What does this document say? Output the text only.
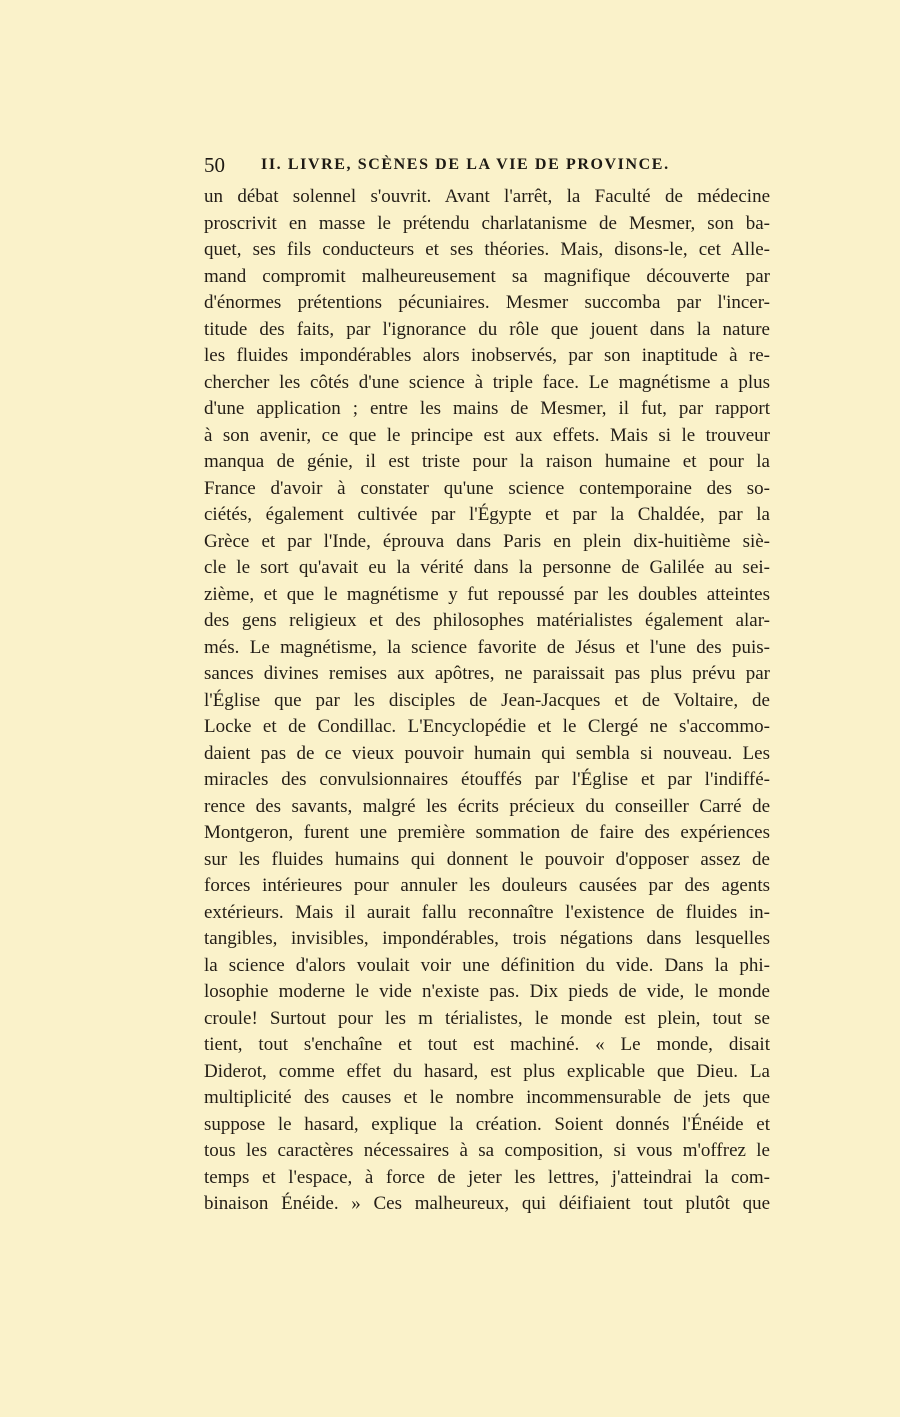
50 II. LIVRE, SCÈNES DE LA VIE DE PROVINCE.
un débat solennel s'ouvrit. Avant l'arrêt, la Faculté de médecine
proscrivit en masse le prétendu charlatanisme de Mesmer, son ba-
quet, ses fils conducteurs et ses théories. Mais, disons-le, cet Alle-
mand compromit malheureusement sa magnifique découverte par
d'énormes prétentions pécuniaires. Mesmer succomba par l'incer-
titude des faits, par l'ignorance du rôle que jouent dans la nature
les fluides impondérables alors inobservés, par son inaptitude à re-
chercher les côtés d'une science à triple face. Le magnétisme a plus
d'une application ; entre les mains de Mesmer, il fut, par rapport
à son avenir, ce que le principe est aux effets. Mais si le trouveur
manqua de génie, il est triste pour la raison humaine et pour la
France d'avoir à constater qu'une science contemporaine des so-
ciétés, également cultivée par l'Égypte et par la Chaldée, par la
Grèce et par l'Inde, éprouva dans Paris en plein dix-huitième siè-
cle le sort qu'avait eu la vérité dans la personne de Galilée au sei-
zième, et que le magnétisme y fut repoussé par les doubles atteintes
des gens religieux et des philosophes matérialistes également alar-
més. Le magnétisme, la science favorite de Jésus et l'une des puis-
sances divines remises aux apôtres, ne paraissait pas plus prévu par
l'Église que par les disciples de Jean-Jacques et de Voltaire, de
Locke et de Condillac. L'Encyclopédie et le Clergé ne s'accommo-
daient pas de ce vieux pouvoir humain qui sembla si nouveau. Les
miracles des convulsionnaires étouffés par l'Église et par l'indiffé-
rence des savants, malgré les écrits précieux du conseiller Carré de
Montgeron, furent une première sommation de faire des expériences
sur les fluides humains qui donnent le pouvoir d'opposer assez de
forces intérieures pour annuler les douleurs causées par des agents
extérieurs. Mais il aurait fallu reconnaître l'existence de fluides in-
tangibles, invisibles, impondérables, trois négations dans lesquelles
la science d'alors voulait voir une définition du vide. Dans la phi-
losophie moderne le vide n'existe pas. Dix pieds de vide, le monde
croule! Surtout pour les m térialistes, le monde est plein, tout se
tient, tout s'enchaîne et tout est machiné. « Le monde, disait
Diderot, comme effet du hasard, est plus explicable que Dieu. La
multiplicité des causes et le nombre incommensurable de jets que
suppose le hasard, explique la création. Soient donnés l'Énéide et
tous les caractères nécessaires à sa composition, si vous m'offrez le
temps et l'espace, à force de jeter les lettres, j'atteindrai la com-
binaison Énéide. » Ces malheureux, qui déifiaient tout plutôt que
